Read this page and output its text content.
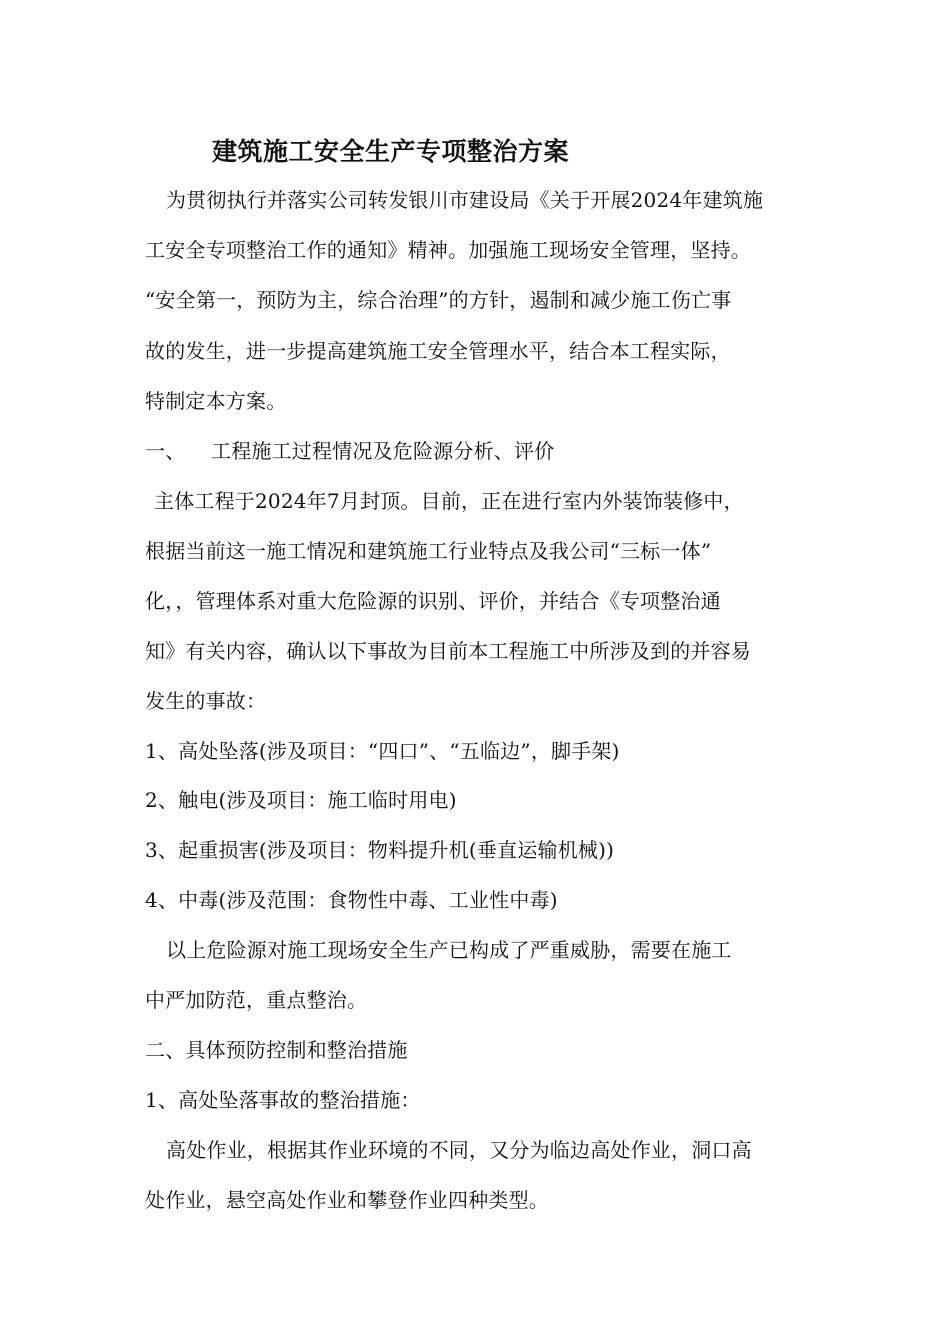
建筑施工安全生产专项整治方案
为贯彻执行并落实公司转发银川市建设局《关于开展2024年建筑施
工安全专项整治工作的通知》精神。加强施工现场安全管理，坚持。
“安全第一，预防为主，综合治理”的方针，遏制和减少施工伤亡事
故的发生，进一步提高建筑施工安全管理水平，结合本工程实际，
特制定本方案。
一、 工程施工过程情况及危险源分析、评价
主体工程于2024年7月封顶。目前，正在进行室内外装饰装修中，
根据当前这一施工情况和建筑施工行业特点及我公司“三标一体”
化，，管理体系对重大危险源的识别、评价，并结合《专项整治通
知》有关内容，确认以下事故为目前本工程施工中所涉及到的并容易
发生的事故：
1、高处坠落(涉及项目：“四口”、“五临边”，脚手架)
2、触电(涉及项目：施工临时用电)
3、起重损害(涉及项目：物料提升机(垂直运输机械))
4、中毒(涉及范围：食物性中毒、工业性中毒)
以上危险源对施工现场安全生产已构成了严重威胁，需要在施工
中严加防范，重点整治。
二、具体预防控制和整治措施
1、高处坠落事故的整治措施：
高处作业，根据其作业环境的不同，又分为临边高处作业，洞口高
处作业，悬空高处作业和攀登作业四种类型。
